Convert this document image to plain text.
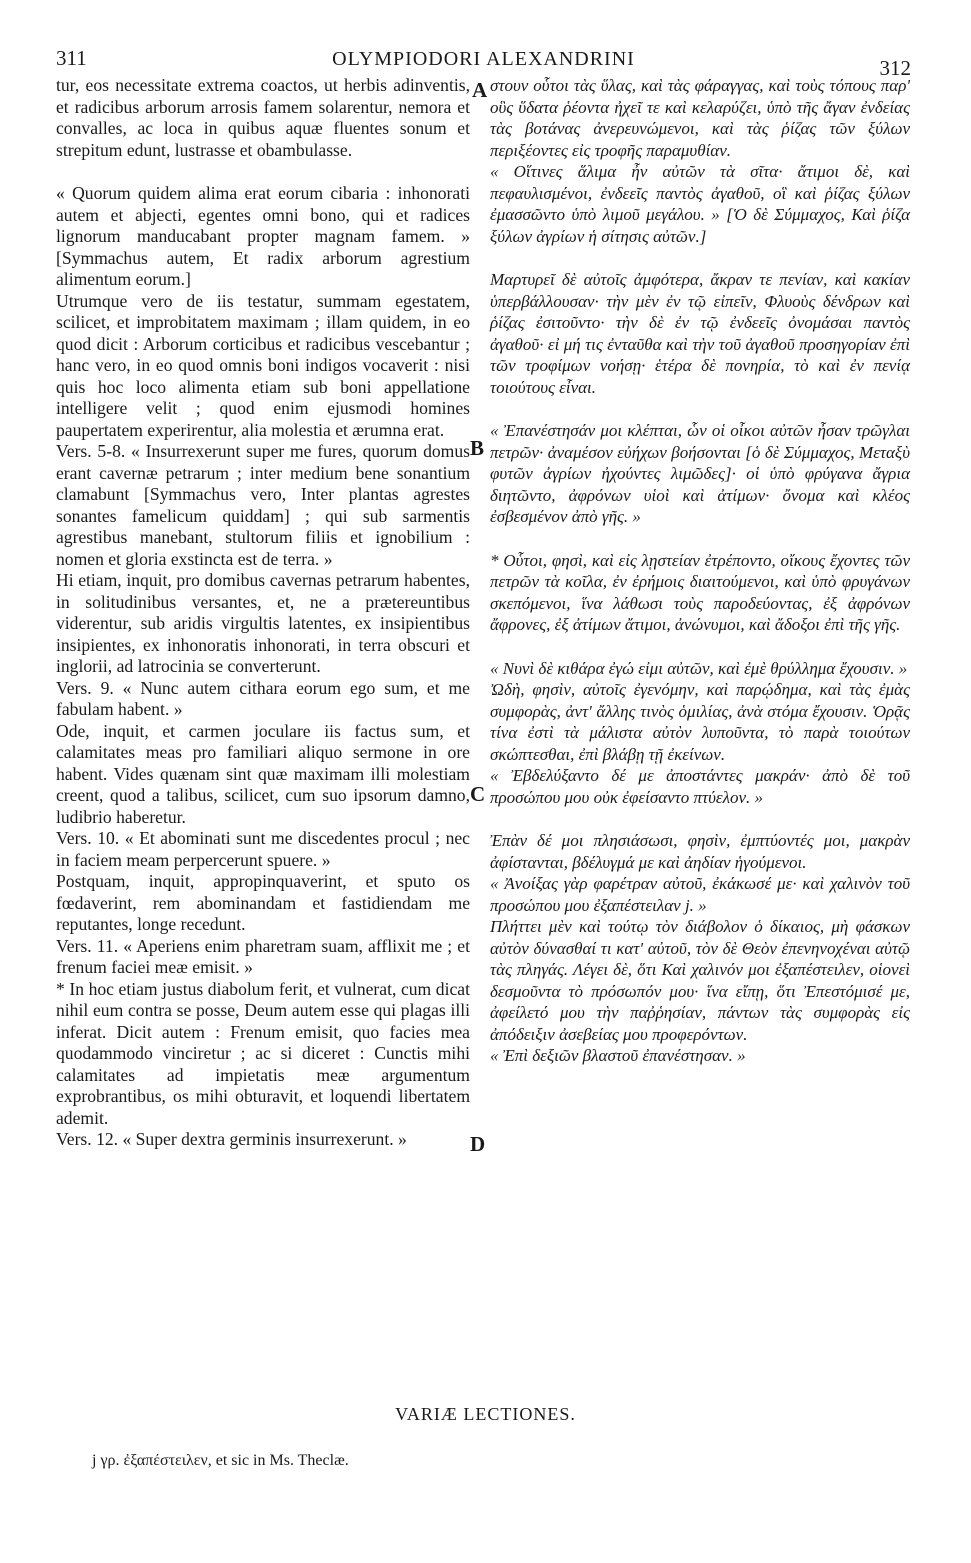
311	OLYMPIODORI ALEXANDRINI	312

tur, eos necessitate extrema coactos, ut herbis adinventis, et radicibus arborum arrosis famem solarentur, nemora et convalles, ac loca in quibus aquæ fluentes sonum et strepitum edunt, lustrasse et obambulasse.

« Quorum quidem alima erat eorum cibaria : inhonorati autem et abjecti, egentes omni bono, qui et radices lignorum manducabant propter magnam famem. » [Symmachus autem, Et radix arborum agrestium alimentum eorum.]

Utrumque vero de iis testatur, summam egestatem, scilicet, et improbitatem maximam ; illam quidem, in eo quod dicit : Arborum corticibus et radicibus vescebantur ; hanc vero, in eo quod omnis boni indigos vocaverit : nisi quis hoc loco alimenta etiam sub boni appellatione intelligere velit ; quod enim ejusmodi homines paupertatem experirentur, alia molestia et ærumna erat.

Vers. 5-8. « Insurrexerunt super me fures, quorum domus erant cavernæ petrarum ; inter medium bene sonantium clamabunt [Symmachus vero, Inter plantas agrestes sonantes famelicum quiddam] ; qui sub sarmentis agrestibus manebant, stultorum filiis et ignobilium : nomen et gloria exstincta est de terra. »

Hi etiam, inquit, pro domibus cavernas petrarum habentes, in solitudinibus versantes, et, ne a prætereuntibus viderentur, sub aridis virgultis latentes, ex insipientibus insipientes, ex inhonoratis inhonorati, in terra obscuri et inglorii, ad latrocinia se converterunt.

Vers. 9. « Nunc autem cithara eorum ego sum, et me fabulam habent. »

Ode, inquit, et carmen joculare iis factus sum, et calamitates meas pro familiari aliquo sermone in ore habent. Vides quænam sint quæ maximam illi molestiam creent, quod a talibus, scilicet, cum suo ipsorum damno, ludibrio haberetur.

Vers. 10. « Et abominati sunt me discedentes procul ; nec in faciem meam perpercerunt spuere. »

Postquam, inquit, appropinquaverint, et sputo os fœdaverint, rem abominandam et fastidiendam me reputantes, longe recedunt.

Vers. 11. « Aperiens enim pharetram suam, afflixit me ; et frenum faciei meæ emisit. »

* In hoc etiam justus diabolum ferit, et vulnerat, cum dicat nihil eum contra se posse, Deum autem esse qui plagas illi inferat. Dicit autem : Frenum emisit, quo facies mea quodammodo vinciretur ; ac si diceret : Cunctis mihi calamitates ad impietatis meæ argumentum exprobrantibus, os mihi obturavit, et loquendi libertatem ademit.

Vers. 12. « Super dextra germinis insurrexerunt. »

A
B
C
D

στουν οὗτοι τὰς ὕλας, καὶ τὰς φάραγγας, καὶ τοὺς τόπους παρ' οὓς ὕδατα ῥέοντα ἠχεῖ τε καὶ κελαρύζει, ὑπὸ τῆς ἄγαν ἐνδείας τὰς βοτάνας ἀνερευνώμενοι, καὶ τὰς ῥίζας τῶν ξύλων περιξέοντες εἰς τροφῆς παραμυθίαν.

« Οἵτινες ἅλιμα ἦν αὐτῶν τὰ σῖτα· ἄτιμοι δὲ, καὶ πεφαυλισμένοι, ἐνδεεῖς παντὸς ἀγαθοῦ, οἳ καὶ ῥίζας ξύλων ἐμασσῶντο ὑπὸ λιμοῦ μεγάλου. » [Ὁ δὲ Σύμμαχος, Καὶ ῥίζα ξύλων ἀγρίων ἡ σίτησις αὐτῶν.]

Μαρτυρεῖ δὲ αὐτοῖς ἀμφότερα, ἄκραν τε πενίαν, καὶ κακίαν ὑπερβάλλουσαν· τὴν μὲν ἐν τῷ εἰπεῖν, Φλυοὺς δένδρων καὶ ῥίζας ἐσιτοῦντο· τὴν δὲ ἐν τῷ ἐνδεεῖς ὀνομάσαι παντὸς ἀγαθοῦ· εἰ μή τις ἐνταῦθα καὶ τὴν τοῦ ἀγαθοῦ προσηγορίαν ἐπὶ τῶν τροφίμων νοήσῃ· ἑτέρα δὲ πονηρία, τὸ καὶ ἐν πενίᾳ τοιούτους εἶναι.

« Ἐπανέστησάν μοι κλέπται, ὧν οἱ οἶκοι αὐτῶν ἦσαν τρῶγλαι πετρῶν· ἀναμέσον εὐήχων βοήσονται [ὁ δὲ Σύμμαχος, Μεταξὺ φυτῶν ἀγρίων ἠχούντες λιμῶδες]· οἱ ὑπὸ φρύγανα ἄγρια διητῶντο, ἀφρόνων υἱοὶ καὶ ἀτίμων· ὄνομα καὶ κλέος ἐσβεσμένον ἀπὸ γῆς. »

* Οὗτοι, φησὶ, καὶ εἰς λῃστείαν ἐτρέποντο, οἴκους ἔχοντες τῶν πετρῶν τὰ κοῖλα, ἐν ἐρήμοις διαιτούμενοι, καὶ ὑπὸ φρυγάνων σκεπόμενοι, ἵνα λάθωσι τοὺς παροδεύοντας, ἐξ ἀφρόνων ἄφρονες, ἐξ ἀτίμων ἄτιμοι, ἀνώνυμοι, καὶ ἄδοξοι ἐπὶ τῆς γῆς.

« Νυνὶ δὲ κιθάρα ἐγώ εἰμι αὐτῶν, καὶ ἐμὲ θρύλλημα ἔχουσιν. »

Ὠδὴ, φησὶν, αὐτοῖς ἐγενόμην, καὶ παρῴδημα, καὶ τὰς ἐμὰς συμφορὰς, ἀντ' ἄλλης τινὸς ὁμιλίας, ἀνὰ στόμα ἔχουσιν. Ὁρᾷς τίνα ἐστὶ τὰ μάλιστα αὐτὸν λυποῦντα, τὸ παρὰ τοιούτων σκώπτεσθαι, ἐπὶ βλάβῃ τῇ ἐκείνων.

« Ἐβδελύξαντο δέ με ἀποστάντες μακράν· ἀπὸ δὲ τοῦ προσώπου μου οὐκ ἐφείσαντο πτύελον. »

Ἐπὰν δέ μοι πλησιάσωσι, φησὶν, ἐμπτύοντές μοι, μακρὰν ἀφίστανται, βδέλυγμά με καὶ ἀηδίαν ἡγούμενοι.

« Ἀνοίξας γὰρ φαρέτραν αὐτοῦ, ἐκάκωσέ με· καὶ χαλινὸν τοῦ προσώπου μου ἐξαπέστειλαν j. »

Πλήττει μὲν καὶ τούτῳ τὸν διάβολον ὁ δίκαιος, μὴ φάσκων αὐτὸν δύνασθαί τι κατ' αὐτοῦ, τὸν δὲ Θεὸν ἐπενηνοχέναι αὐτῷ τὰς πληγάς. Λέγει δὲ, ὅτι Καὶ χαλινόν μοι ἐξαπέστειλεν, οἱονεὶ δεσμοῦντα τὸ πρόσωπόν μου· ἵνα εἴπῃ, ὅτι Ἐπεστόμισέ με, ἀφείλετό μου τὴν παῤῥησίαν, πάντων τὰς συμφορὰς εἰς ἀπόδειξιν ἀσεβείας μου προφερόντων.

« Ἐπὶ δεξιῶν βλαστοῦ ἐπανέστησαν. »

VARIÆ LECTIONES.
j γρ. ἐξαπέστειλεν, et sic in Ms. Theclæ.
